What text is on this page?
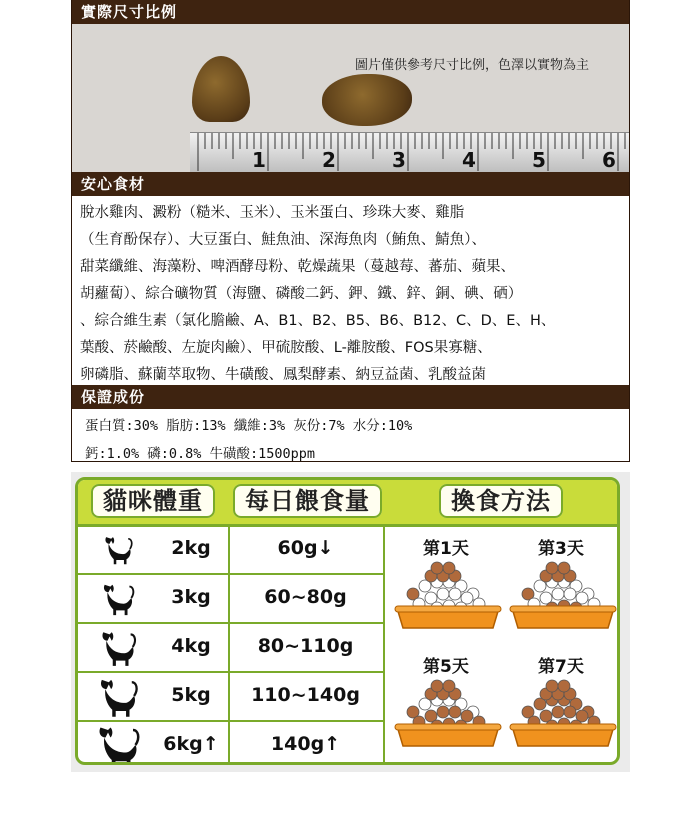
實際尺寸比例
圖片僅供參考尺寸比例，色澤以實物為主
1	2	3	4	5	6
安心食材
脫水雞肉、澱粉（糙米、玉米）、玉米蛋白、珍珠大麥、雞脂
（生育酚保存）、大豆蛋白、鮭魚油、深海魚肉（鮪魚、鯖魚）、
甜菜纖維、海藻粉、啤酒酵母粉、乾燥蔬果（蔓越莓、蕃茄、蘋果、
胡蘿蔔）、綜合礦物質（海鹽、磷酸二鈣、鉀、鐵、鋅、銅、碘、硒）
、綜合維生素（氯化膽鹼、A、B1、B2、B5、B6、B12、C、D、E、H、
葉酸、菸鹼酸、左旋肉鹼）、甲硫胺酸、L-離胺酸、FOS果寡糖、
卵磷脂、蘇蘭萃取物、牛磺酸、鳳梨酵素、納豆益菌、乳酸益菌
保證成份
蛋白質:30% 脂肪:13% 纖維:3% 灰份:7% 水分:10%
鈣:1.0% 磷:0.8% 牛磺酸:1500ppm
貓咪體重	每日餵食量	換食方法
2kg	60g↓
3kg	60~80g
4kg	80~110g
5kg	110~140g
6kg↑	140g↑
第1天	第3天
第5天	第7天
